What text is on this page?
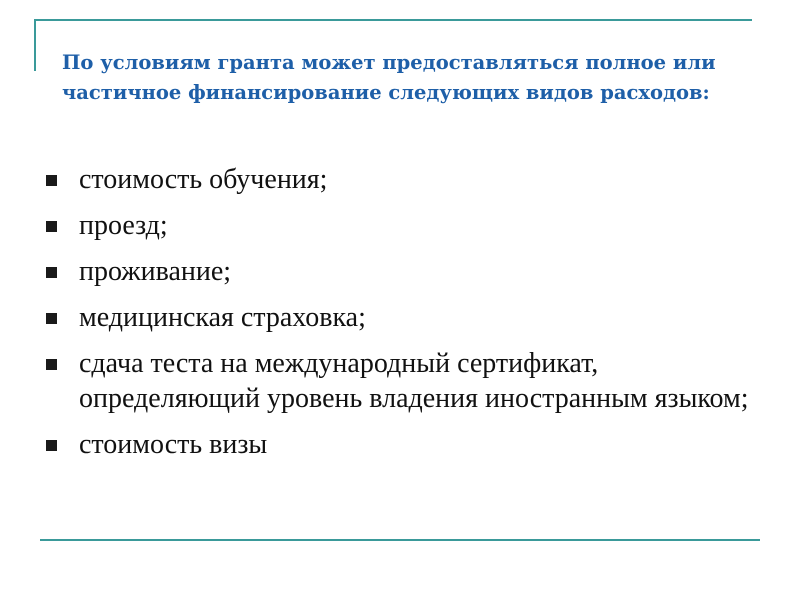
По условиям гранта может предоставляться полное или частичное финансирование следующих видов расходов:
стоимость обучения;
проезд;
проживание;
медицинская страховка;
сдача теста на международный сертификат, определяющий уровень владения иностранным языком;
стоимость визы
